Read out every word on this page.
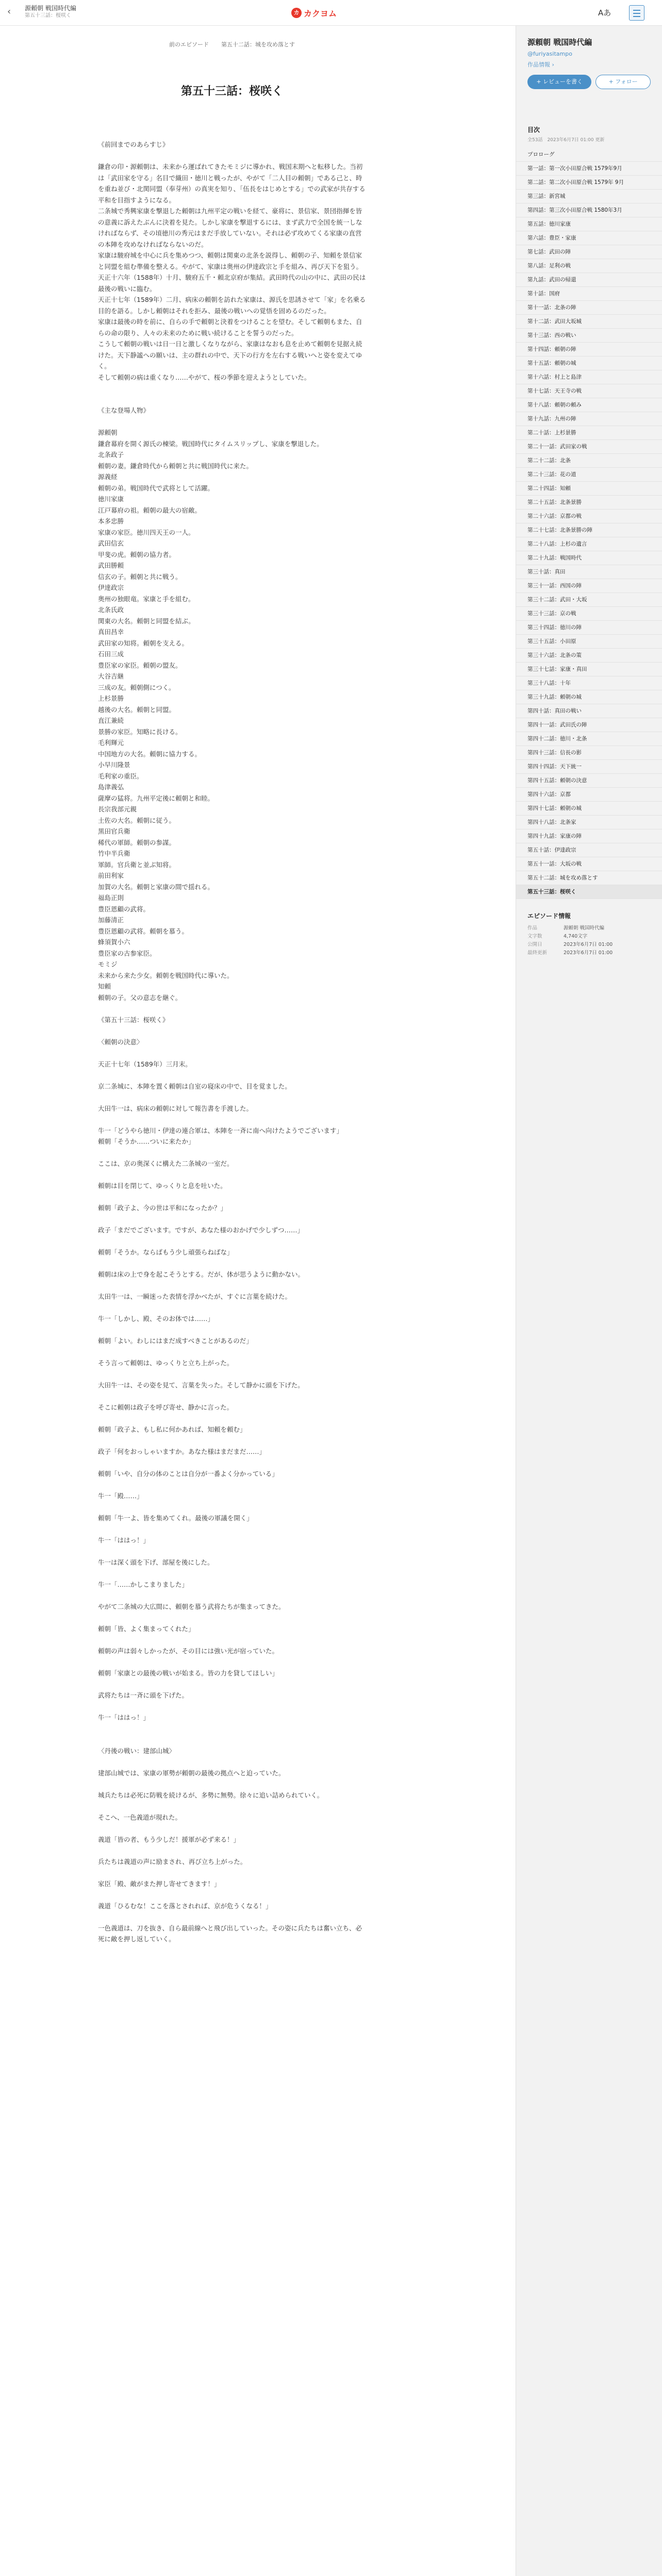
‹ 源頼朝 戦国時代編
第五十三話：桜咲く	カ カクヨム	Aあ
前のエピソード 第五十二話：城を攻め落とす
第五十三話：桜咲く

《前回までのあらすじ》

鎌倉の印・源頼朝は、未来から運ばれてきたモミジに導かれ、戦国末期へと転移した。当初は「武田家を守る」名目で織田・徳川と戦ったが、やがて「二人目の頼朝」である己と、時を重ね並び・北関同盟（奉芽州）の真実を知り、「伍長をはじめとする」での武家が共存する平和を目指すようになる。

二条城で秀興家康を撃退した頼朝は九州平定の戦いを経て、豪将に、景信家、景団指揮を皆の意義に訴えたぶんに決着を見た。しかし家康を撃退するには、まず武力で全国を統一しなければならず、その頃徳川の秀元はまだ手放していない。それは必ず攻めてくる家康の直営の本陣を攻めなければならないのだ。

家康は駿府城を中心に兵を集めつつ、頼朝は関東の北条を説得し、頼朝の子、知頼を景信家と同盟を組む準備を整える。やがて、家康は奥州の伊達政宗と手を組み、再び天下を狙う。

天正十六年（1588年）十月、駿府五千・頼北京府が集結。武田時代の山の中に、武田の民は最後の戦いに臨む。

天正十七年（1589年）二月、病床の頼朝を訪れた家康は、源氏を思誘させて「家」を名乗る目的を語る。しかし頼朝はそれを拒み、最後の戦いへの覚悟を固めるのだった。

家康は最後の時を前に、自らの手で頼朝と決着をつけることを望む。そして頼朝もまた、自らの命の限り、人々の未来のために戦い続けることを誓うのだった。

こうして頼朝の戦いは日一日と激しくなりながら、家康はなおも息を止めて頼朝を見据え続けた。天下静謐への願いは、主の群れの中で、天下の行方を左右する戦いへと姿を変えてゆく。

そして頼朝の病は重くなり……やがて、桜の季節を迎えようとしていた。

《主な登場人物》

源頼朝

鎌倉幕府を開く源氏の棟梁。戦国時代にタイムスリップし、家康を撃退した。

北条政子

頼朝の妻。鎌倉時代から頼朝と共に戦国時代に来た。

源義経

頼朝の弟。戦国時代で武将として活躍。

徳川家康

江戸幕府の祖。頼朝の最大の宿敵。

本多忠勝

家康の家臣。徳川四天王の一人。

武田信玄

甲斐の虎。頼朝の協力者。

武田勝頼

信玄の子。頼朝と共に戦う。

伊達政宗

奥州の独眼竜。家康と手を組む。

北条氏政

関東の大名。頼朝と同盟を結ぶ。

真田昌幸

武田家の知将。頼朝を支える。

石田三成

豊臣家の家臣。頼朝の盟友。

大谷吉継

三成の友。頼朝側につく。

上杉景勝

越後の大名。頼朝と同盟。

直江兼続

景勝の家臣。知略に長ける。

毛利輝元

中国地方の大名。頼朝に協力する。

小早川隆景

毛利家の重臣。

島津義弘

薩摩の猛将。九州平定後に頼朝と和睦。

長宗我部元親

土佐の大名。頼朝に従う。

黒田官兵衛

稀代の軍師。頼朝の参謀。

竹中半兵衛

軍師。官兵衛と並ぶ知将。

前田利家

加賀の大名。頼朝と家康の間で揺れる。

福島正則

豊臣恩顧の武将。

加藤清正

豊臣恩顧の武将。頼朝を慕う。

蜂須賀小六

豊臣家の古参家臣。

モミジ

未来から来た少女。頼朝を戦国時代に導いた。

知頼

頼朝の子。父の意志を継ぐ。

《第五十三話：桜咲く》

〈頼朝の決意〉

天正十七年（1589年）三月末。

京二条城に、本陣を置く頼朝は自室の寝床の中で、目を覚ました。

大田牛一は、病床の頼朝に対して報告書を手渡した。

牛一「どうやら徳川・伊達の連合軍は、本陣を一斉に南へ向けたようでございます」

頼朝「そうか……ついに来たか」

ここは、京の奥深くに構えた二条城の一室だ。

頼朝は目を閉じて、ゆっくりと息を吐いた。

頼朝「政子よ、今の世は平和になったか？」

政子「まだでございます。ですが、あなた様のおかげで少しずつ……」

頼朝「そうか。ならばもう少し頑張らねばな」

頼朝は床の上で身を起こそうとする。だが、体が思うように動かない。

太田牛一は、一瞬迷った表情を浮かべたが、すぐに言葉を続けた。

牛一「しかし、殿、そのお体では……」

頼朝「よい。わしにはまだ成すべきことがあるのだ」

そう言って頼朝は、ゆっくりと立ち上がった。

大田牛一は、その姿を見て、言葉を失った。そして静かに頭を下げた。

そこに頼朝は政子を呼び寄せ、静かに言った。

頼朝「政子よ、もし私に何かあれば、知頼を頼む」

政子「何をおっしゃいますか。あなた様はまだまだ……」

頼朝「いや、自分の体のことは自分が一番よく分かっている」

牛一「殿……」

頼朝「牛一よ、皆を集めてくれ。最後の軍議を開く」

牛一「ははっ！」

牛一は深く頭を下げ、部屋を後にした。

牛一「……かしこまりました」

やがて二条城の大広間に、頼朝を慕う武将たちが集まってきた。

頼朝「皆、よく集まってくれた」

頼朝の声は弱々しかったが、その目には強い光が宿っていた。

頼朝「家康との最後の戦いが始まる。皆の力を貸してほしい」

武将たちは一斉に頭を下げた。

牛一「ははっ！」

〈丹後の戦い：建部山城〉

建部山城では、家康の軍勢が頼朝の最後の拠点へと迫っていた。

城兵たちは必死に防戦を続けるが、多勢に無勢。徐々に追い詰められていく。

そこへ、一色義道が現れた。

義道「皆の者、もう少しだ！援軍が必ず来る！」

兵たちは義道の声に励まされ、再び立ち上がった。

家臣「殿、敵がまた押し寄せてきます！」

義道「ひるむな！ここを落とされれば、京が危うくなる！」

一色義道は、刀を抜き、自ら最前線へと飛び出していった。その姿に兵たちは奮い立ち、必死に敵を押し返していく。

源頼朝 戦国時代編
@furiyasitampo
作品情報 ›
+ レビューを書く	+ フォロー
目次
全53話　2023年6月7日 01:00 更新
プロローグ
第一話：第一次小田原合戦 1579年9月
第二話：第二次小田原合戦 1579年 9月
第三話：新宮城
第四話：第三次小田原合戦 1580年3月
第五話：徳川家康
第六話：豊臣・家康
第七話：武田の陣
第八話：足利の戦
第九話：武田の帰還
第十話：国府
第十一話：北条の陣
第十二話：武田大坂城
第十三話：西の戦い
第十四話：頼朝の陣
第十五話：頼朝の城
第十六話：村上と島津
第十七話：天王寺の戦
第十八話：頼朝の頼み
第十九話：九州の陣
第二十話：上杉景勝
第二十一話：武田家の戦
第二十二話：北条
第二十三話：花の道
第二十四話：知頼
第二十五話：北条景勝
第二十六話：京都の戦
第二十七話：北条景勝の陣
第二十八話：上杉の遺言
第二十九話：戦国時代
第三十話：真田
第三十一話：西国の陣
第三十二話：武田・大坂
第三十三話：京の戦
第三十四話：徳川の陣
第三十五話：小田原
第三十六話：北条の策
第三十七話：家康・真田
第三十八話：十年
第三十九話：頼朝の城
第四十話：真田の戦い
第四十一話：武田氏の陣
第四十二話：徳川・北条
第四十三話：信長の影
第四十四話：天下統一
第四十五話：頼朝の決意
第四十六話：京都
第四十七話：頼朝の城
第四十八話：北条家
第四十九話：家康の陣
第五十話：伊達政宗
第五十一話：大坂の戦
第五十二話：城を攻め落とす
第五十三話：桜咲く
エピソード情報
作品	源頼朝 戦国時代編
文字数	4,740文字
公開日	2023年6月7日 01:00
最終更新	2023年6月7日 01:00
